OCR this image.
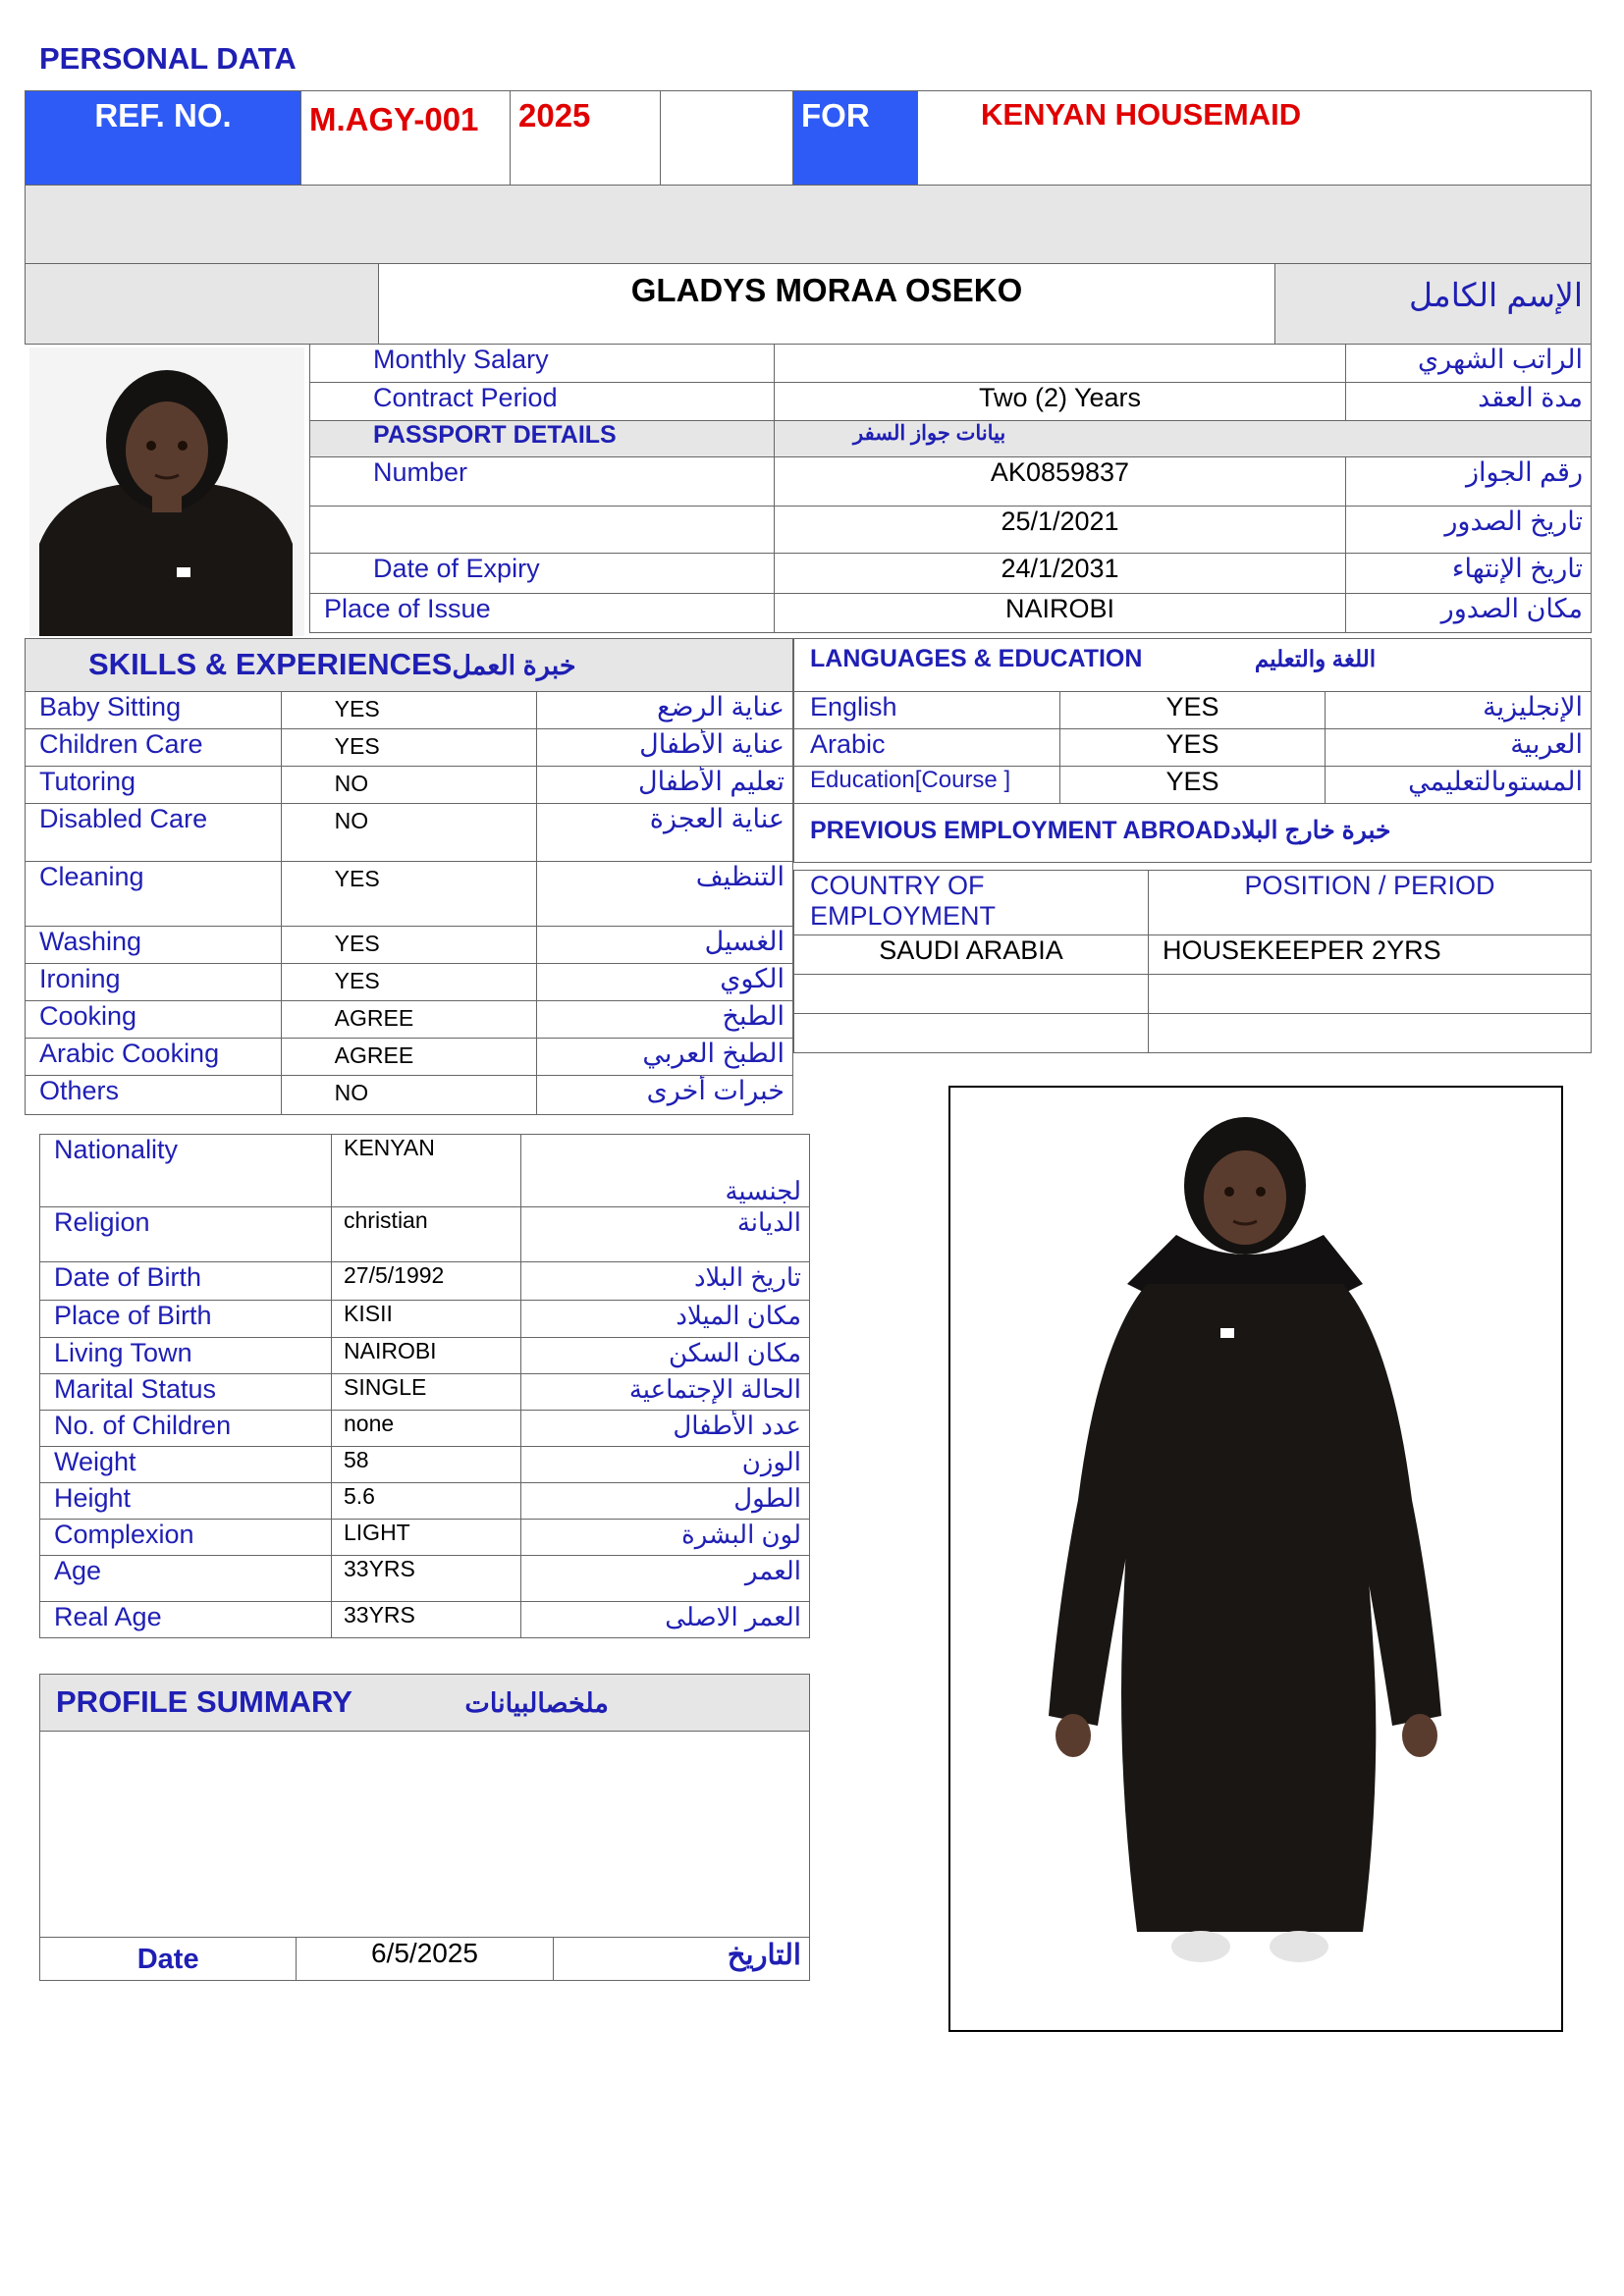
PERSONAL DATA
REF. NO.	M.AGY-001	2025		FOR	KENYAN HOUSEMAID

	GLADYS MORAA OSEKO	الإسم الكامل
Monthly Salary		الراتب الشهري
Contract Period	Two (2) Years	مدة العقد
PASSPORT DETAILS	بيانات جواز السفر	
Number	AK0859837	رقم الجواز
	25/1/2021	تاريخ الصدور
Date of Expiry	24/1/2031	تاريخ الإنتهاء
Place of Issue	NAIROBI	مكان الصدور
SKILLS & EXPERIENCESخبرة العمل		
Baby Sitting	YES	عناية الرضع
Children Care	YES	عناية الأطفال
Tutoring	NO	تعليم الأطفال
Disabled Care	NO	عناية العجزة
Cleaning	YES	التنظيف
Washing	YES	الغسيل
Ironing	YES	الكوي
Cooking	AGREE	الطبخ
Arabic Cooking	AGREE	الطبخ العربي
Others	NO	خبرات أخرى
LANGUAGES & EDUCATION اللغة والتعليم		
English	YES	الإنجليزية
Arabic	YES	العربية
Education[Course ]	YES	المستوىالتعليمي
PREVIOUS EMPLOYMENT ABROADخبرة خارج البلاد		
COUNTRY OF EMPLOYMENT	POSITION / PERIOD
SAUDI ARABIA	HOUSEKEEPER 2YRS

Nationality	KENYAN	لجنسية
Religion	christian	الديانة
Date of Birth	27/5/1992	تاريخ البلاد
Place of Birth	KISII	مكان الميلاد
Living Town	NAIROBI	مكان السكن
Marital Status	SINGLE	الحالة الإجتماعية
No. of Children	none	عدد الأطفال
Weight	58	الوزن
Height	5.6	الطول
Complexion	LIGHT	لون البشرة
Age	33YRS	العمر
Real Age	33YRS	العمر الاصلى
PROFILE SUMMARY	ملخصالبيانات

Date	6/5/2025	التاريخ
